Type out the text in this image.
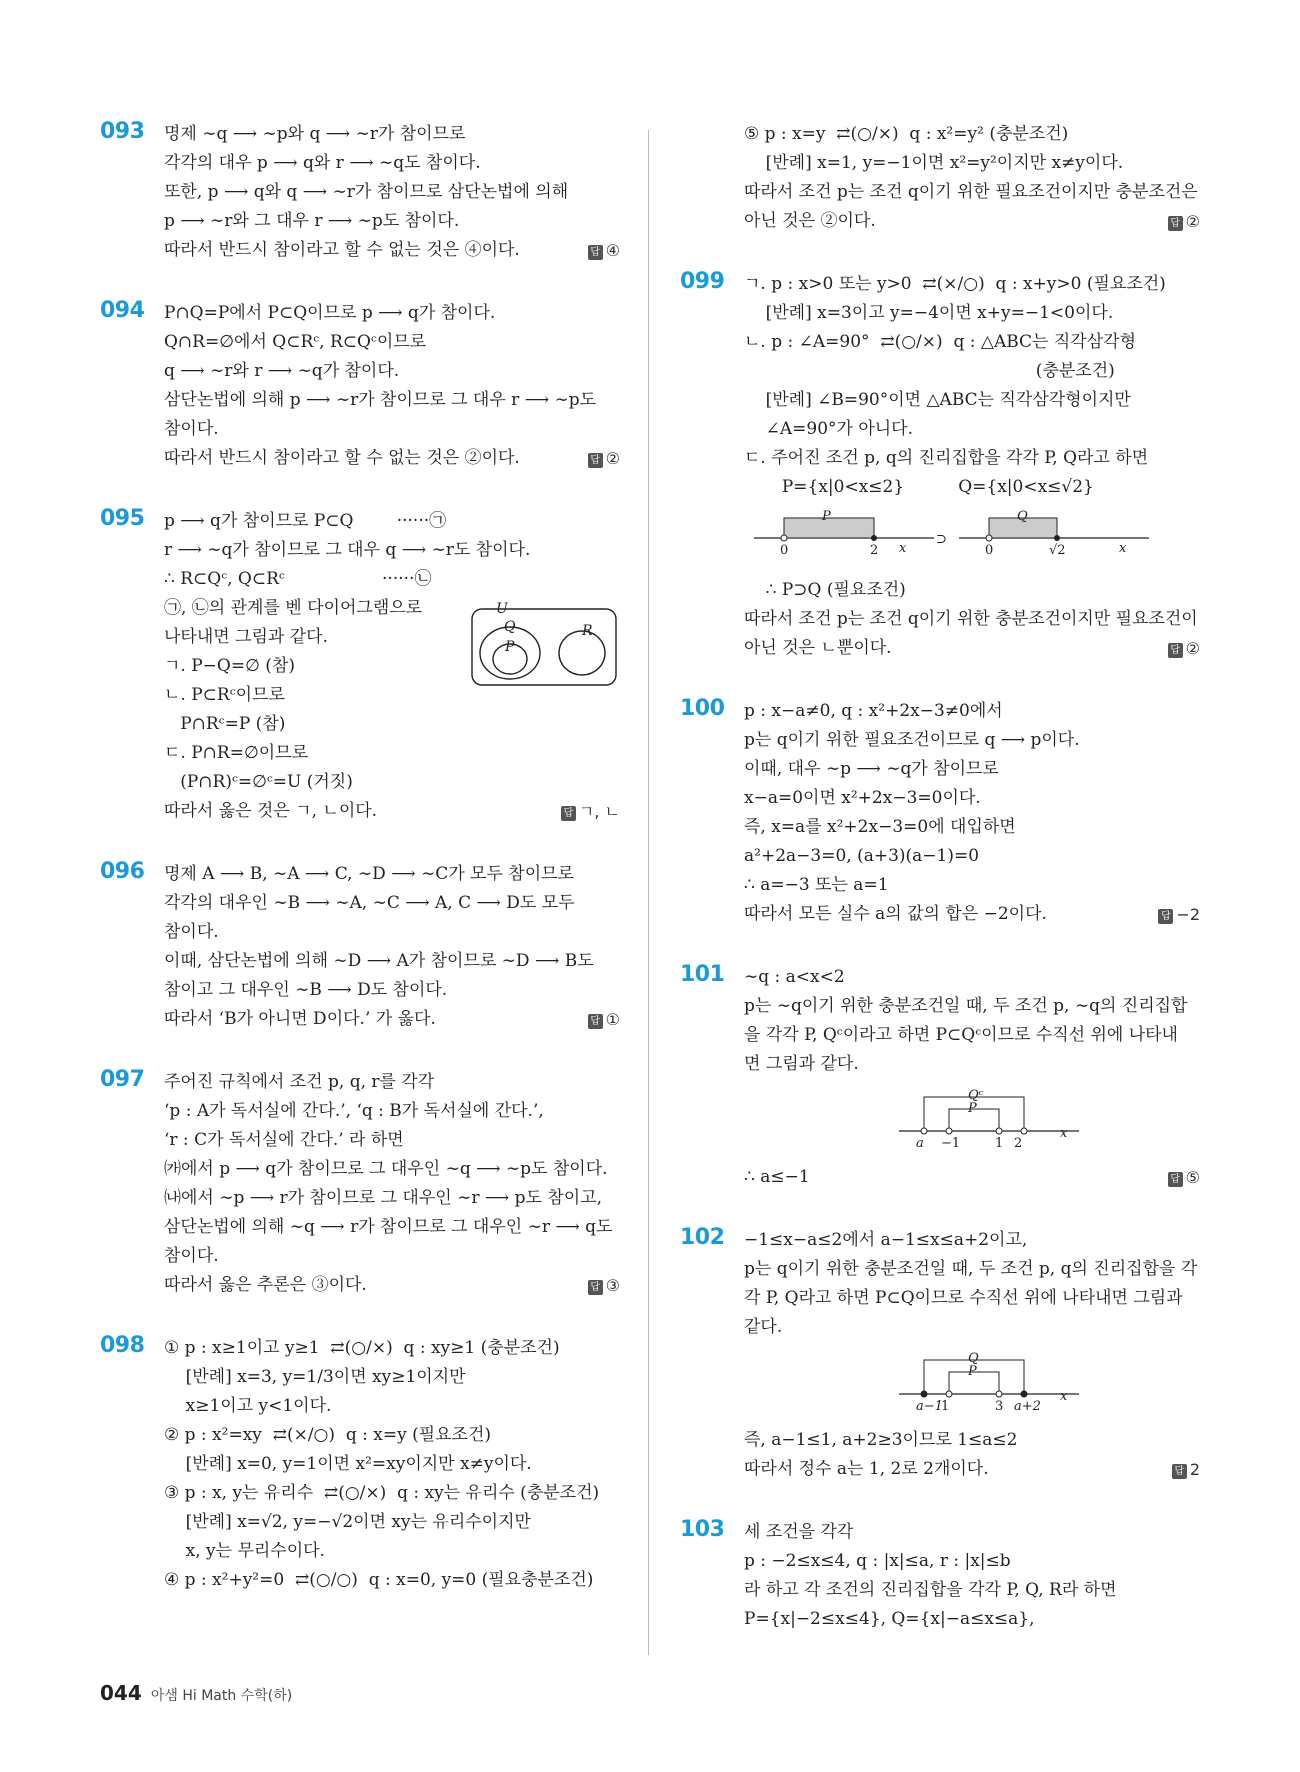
093 명제 ∼q ⟶ ∼p와 q ⟶ ∼r가 참이므로
각각의 대우 p ⟶ q와 r ⟶ ∼q도 참이다.
또한, p ⟶ q와 q ⟶ ∼r가 참이므로 삼단논법에 의해
p ⟶ ∼r와 그 대우 r ⟶ ∼p도 참이다.
답 ④
따라서 반드시 참이라고 할 수 없는 것은 ④이다.
094 P∩Q=P에서 P⊂Q이므로 p ⟶ q가 참이다.
Q∩R=∅에서 Q⊂Rᶜ, R⊂Qᶜ이므로
q ⟶ ∼r와 r ⟶ ∼q가 참이다.
삼단논법에 의해 p ⟶ ∼r가 참이므로 그 대우 r ⟶ ∼p도
참이다.
답 ②
따라서 반드시 참이라고 할 수 없는 것은 ②이다.
095 p ⟶ q가 참이므로 P⊂Q        ······㉠
r ⟶ ∼q가 참이므로 그 대우 q ⟶ ∼r도 참이다.
∴ R⊂Qᶜ, Q⊂Rᶜ                  ······㉡
㉠, ㉡의 관계를 벤 다이어그램으로
나타내면 그림과 같다.
ㄱ. P−Q=∅ (참)
ㄴ. P⊂Rᶜ이므로
P∩Rᶜ=P (참)
ㄷ. P∩R=∅이므로
(P∩R)ᶜ=∅ᶜ=U (거짓)
답 ㄱ, ㄴ
따라서 옳은 것은 ㄱ, ㄴ이다.
U
Q
P
R
096 명제 A ⟶ B, ∼A ⟶ C, ∼D ⟶ ∼C가 모두 참이므로
각각의 대우인 ∼B ⟶ ∼A, ∼C ⟶ A, C ⟶ D도 모두
참이다.
이때, 삼단논법에 의해 ∼D ⟶ A가 참이므로 ∼D ⟶ B도
참이고 그 대우인 ∼B ⟶ D도 참이다.
답 ①
따라서 ‘B가 아니면 D이다.’ 가 옳다.
097 주어진 규칙에서 조건 p, q, r를 각각
‘p : A가 독서실에 간다.’, ‘q : B가 독서실에 간다.’,
‘r : C가 독서실에 간다.’ 라 하면
㈎에서 p ⟶ q가 참이므로 그 대우인 ∼q ⟶ ∼p도 참이다.
㈏에서 ∼p ⟶ r가 참이므로 그 대우인 ∼r ⟶ p도 참이고,
삼단논법에 의해 ∼q ⟶ r가 참이므로 그 대우인 ∼r ⟶ q도
참이다.
답 ③
따라서 옳은 추론은 ③이다.
098 ① p : x≥1이고 y≥1  ⇄(○/×)  q : xy≥1 (충분조건)
[반례] x=3, y=1/3이면 xy≥1이지만
x≥1이고 y<1이다.
② p : x²=xy  ⇄(×/○)  q : x=y (필요조건)
[반례] x=0, y=1이면 x²=xy이지만 x≠y이다.
③ p : x, y는 유리수  ⇄(○/×)  q : xy는 유리수 (충분조건)
[반례] x=√2, y=−√2이면 xy는 유리수이지만
x, y는 무리수이다.
④ p : x²+y²=0  ⇄(○/○)  q : x=0, y=0 (필요충분조건)
⑤ p : x=y  ⇄(○/×)  q : x²=y² (충분조건)
[반례] x=1, y=−1이면 x²=y²이지만 x≠y이다.
따라서 조건 p는 조건 q이기 위한 필요조건이지만 충분조건은
답 ②
아닌 것은 ②이다.
099 ㄱ. p : x>0 또는 y>0  ⇄(×/○)  q : x+y>0 (필요조건)
[반례] x=3이고 y=−4이면 x+y=−1<0이다.
ㄴ. p : ∠A=90°  ⇄(○/×)  q : △ABC는 직각삼각형
(충분조건)
[반례] ∠B=90°이면 △ABC는 직각삼각형이지만
∠A=90°가 아니다.
ㄷ. 주어진 조건 p, q의 진리집합을 각각 P, Q라고 하면
P={x|0<x≤2}          Q={x|0<x≤√2}
P
0	2 x
⊃
Q
0	√2	x
∴ P⊃Q (필요조건)
따라서 조건 p는 조건 q이기 위한 충분조건이지만 필요조건이
답 ②
아닌 것은 ㄴ뿐이다.
100 p : x−a≠0, q : x²+2x−3≠0에서
p는 q이기 위한 필요조건이므로 q ⟶ p이다.
이때, 대우 ∼p ⟶ ∼q가 참이므로
x−a=0이면 x²+2x−3=0이다.
즉, x=a를 x²+2x−3=0에 대입하면
a²+2a−3=0, (a+3)(a−1)=0
∴ a=−3 또는 a=1
답 −2
따라서 모든 실수 a의 값의 합은 −2이다.
101 ∼q : a<x<2
p는 ∼q이기 위한 충분조건일 때, 두 조건 p, ∼q의 진리집합
을 각각 P, Qᶜ이라고 하면 P⊂Qᶜ이므로 수직선 위에 나타내
면 그림과 같다.
Qᶜ
P
a −1	1 2
x
답 ⑤
∴ a≤−1
102 −1≤x−a≤2에서 a−1≤x≤a+2이고,
p는 q이기 위한 충분조건일 때, 두 조건 p, q의 진리집합을 각
각 P, Q라고 하면 P⊂Q이므로 수직선 위에 나타내면 그림과
같다.
Q
P
a−1
1	3 a+2
x
즉, a−1≤1, a+2≥3이므로 1≤a≤2
답 2
따라서 정수 a는 1, 2로 2개이다.
103 세 조건을 각각
p : −2≤x≤4, q : |x|≤a, r : |x|≤b
라 하고 각 조건의 진리집합을 각각 P, Q, R라 하면
P={x|−2≤x≤4}, Q={x|−a≤x≤a},
044 아샘 Hi Math 수학(하)
